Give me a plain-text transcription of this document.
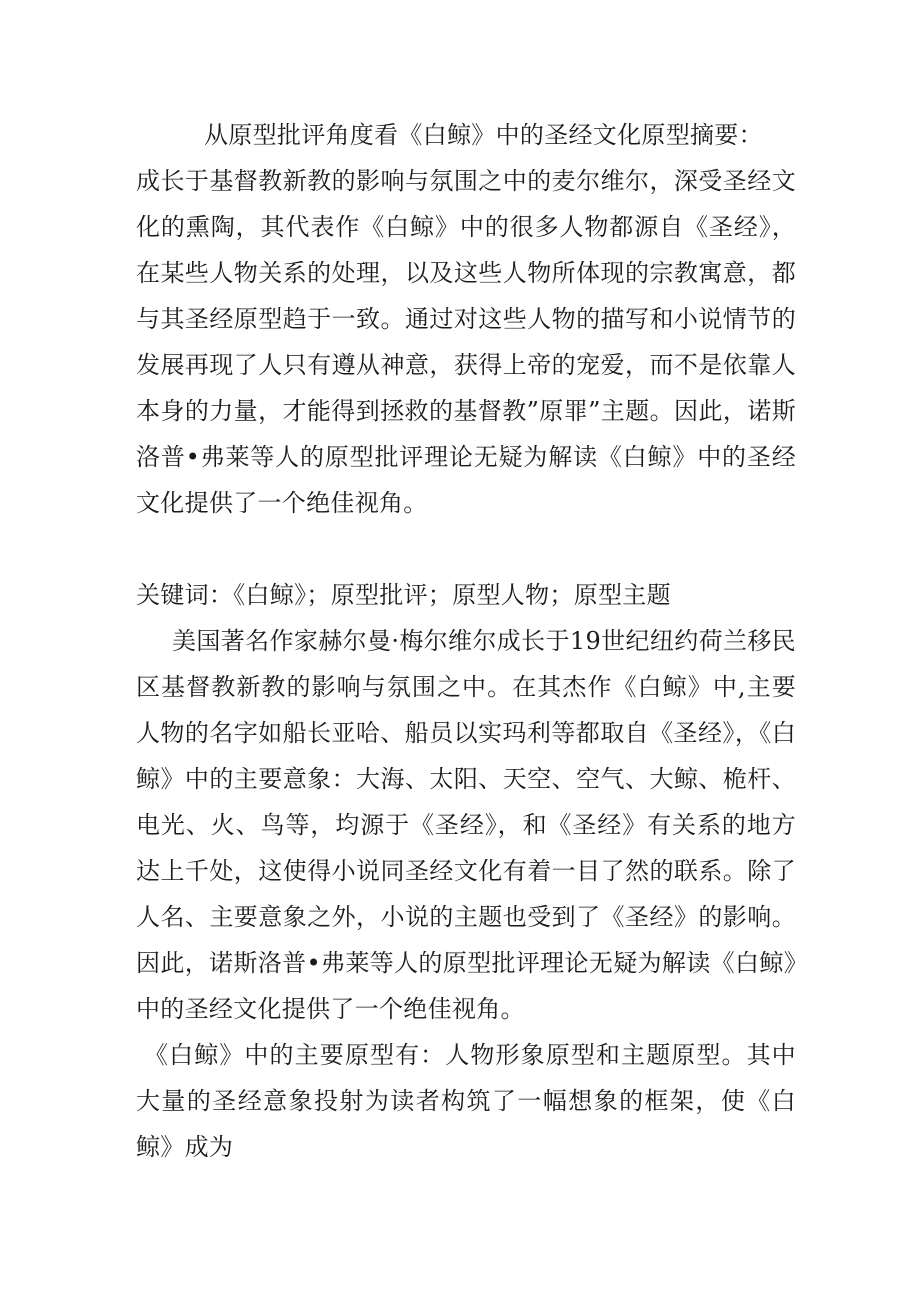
从原型批评角度看《白鲸》中的圣经文化原型摘要：

成长于基督教新教的影响与氛围之中的麦尔维尔，深受圣经文化的熏陶，其代表作《白鲸》中的很多人物都源自《圣经》，在某些人物关系的处理，以及这些人物所体现的宗教寓意，都与其圣经原型趋于一致。通过对这些人物的描写和小说情节的发展再现了人只有遵从神意，获得上帝的宠爱，而不是依靠人本身的力量，才能得到拯救的基督教”原罪”主题。因此，诺斯洛普•弗莱等人的原型批评理论无疑为解读《白鲸》中的圣经文化提供了一个绝佳视角。

关键词：《白鲸》；原型批评；原型人物；原型主题

美国著名作家赫尔曼·梅尔维尔成长于19世纪纽约荷兰移民区基督教新教的影响与氛围之中。在其杰作《白鲸》中,主要人物的名字如船长亚哈、船员以实玛利等都取自《圣经》，《白鲸》中的主要意象：大海、太阳、天空、空气、大鲸、桅杆、电光、火、鸟等，均源于《圣经》，和《圣经》有关系的地方达上千处，这使得小说同圣经文化有着一目了然的联系。除了人名、主要意象之外，小说的主题也受到了《圣经》的影响。因此，诺斯洛普•弗莱等人的原型批评理论无疑为解读《白鲸》中的圣经文化提供了一个绝佳视角。

《白鲸》中的主要原型有：人物形象原型和主题原型。其中大量的圣经意象投射为读者构筑了一幅想象的框架，使《白鲸》成为
